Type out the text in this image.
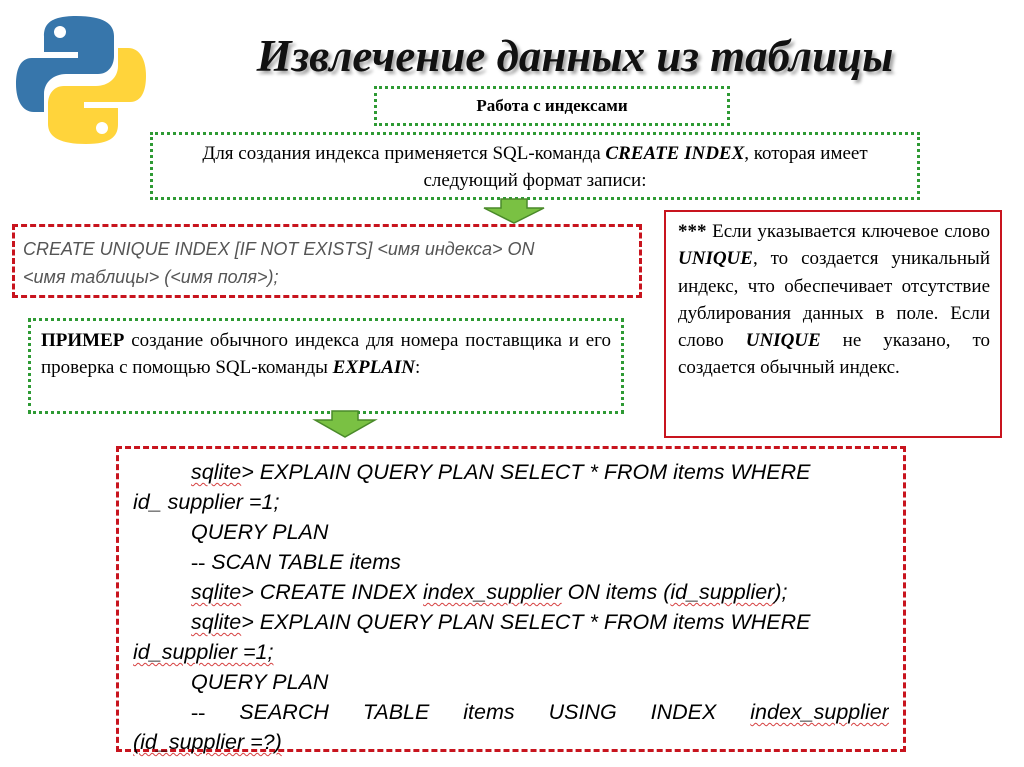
Извлечение данных из таблицы
Работа с индексами
Для создания индекса применяется SQL-команда CREATE INDEX, которая имеет следующий формат записи:
CREATE UNIQUE INDEX [IF NOT EXISTS] <имя индекса> ON
<имя таблицы> (<имя поля>);
*** Если указывается ключевое слово UNIQUE, то создается уникальный индекс, что обеспечивает отсутствие дублирования данных в поле. Если слово UNIQUE не указано, то создается обычный индекс.
ПРИМЕР создание обычного индекса для номера поставщика и его проверка с помощью SQL-команды EXPLAIN:
sqlite> EXPLAIN QUERY PLAN SELECT * FROM items WHERE
id_ supplier =1;
QUERY PLAN
-- SCAN TABLE items
sqlite> CREATE INDEX index_supplier ON items (id_supplier);
sqlite> EXPLAIN QUERY PLAN SELECT * FROM items WHERE
id_supplier =1;
QUERY PLAN
-- SEARCH TABLE items USING INDEX index_supplier
(id_supplier =?)
